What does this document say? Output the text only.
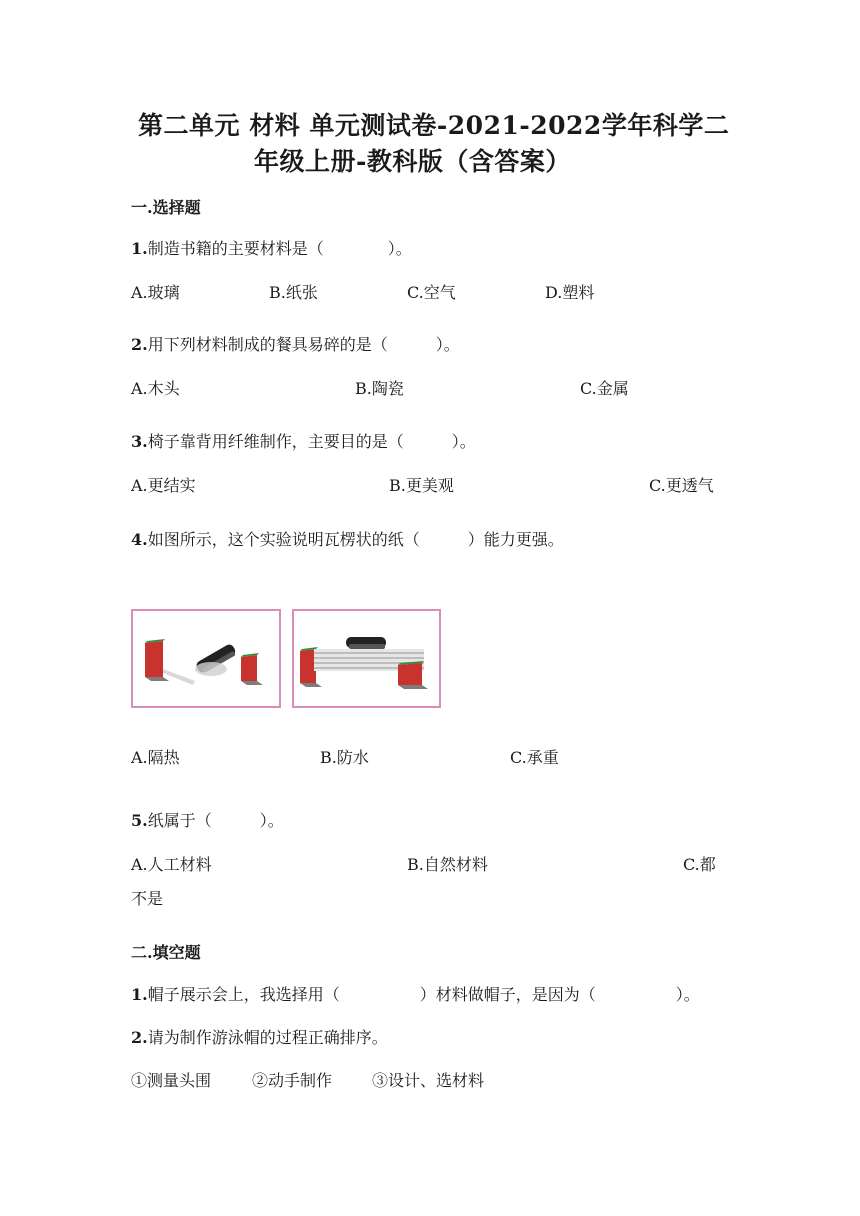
第二单元 材料 单元测试卷-2021-2022学年科学二
年级上册-教科版（含答案）
一.选择题
1.制造书籍的主要材料是（　　　　）。
A.玻璃	B.纸张	C.空气	D.塑料
2.用下列材料制成的餐具易碎的是（　　　）。
A.木头	B.陶瓷	C.金属
3.椅子靠背用纤维制作，主要目的是（　　　）。
A.更结实	B.更美观	C.更透气
4.如图所示，这个实验说明瓦楞状的纸（　　　）能力更强。
A.隔热	B.防水	C.承重
5.纸属于（　　　）。
A.人工材料	B.自然材料	C.都
不是
二.填空题
1.帽子展示会上，我选择用（　　　　　）材料做帽子，是因为（　　　　　）。
2.请为制作游泳帽的过程正确排序。
①测量头围	②动手制作 ③设计、选材料
